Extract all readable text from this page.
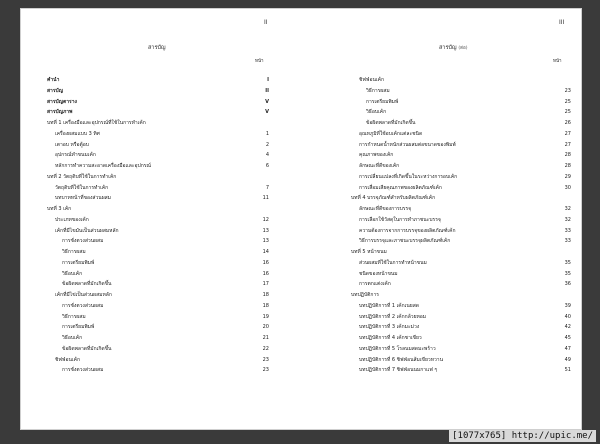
II	III
สารบัญ	สารบัญ (ต่อ)
หน้า	หน้า
คำนำ	I
สารบัญ	II
สารบัญตาราง	V
สารบัญภาพ	V
บทที่ 1 เครื่องมือและอุปกรณ์ที่ใช้ในการทำเค้ก
เครื่องผสมแบบ 3 ทิศ	1
เตาอบ หรือตู้อบ	2
อุปกรณ์ทำขนมเค้ก	4
หลักการทำความสะอาดเครื่องมือและอุปกรณ์	6
บทที่ 2 วัตถุดิบที่ใช้ในการทำเค้ก
วัตถุดิบที่ใช้ในการทำเค้ก	7
บทบาทหน้าที่ของส่วนผสม	11
บทที่ 3 เค้ก
ประเภทของเค้ก	12
เค้กที่มีไขมันเป็นส่วนผสมหลัก	13
การชั่งตวงส่วนผสม	13
วิธีการผสม	14
การเตรียมพิมพ์	16
วิธีอบเค้ก	16
ข้อผิดพลาดที่มักเกิดขึ้น	17
เค้กที่มีไข่เป็นส่วนผสมหลัก	18
การชั่งตวงส่วนผสม	18
วิธีการผสม	19
การเตรียมพิมพ์	20
วิธีอบเค้ก	21
ข้อผิดพลาดที่มักเกิดขึ้น	22
ชิฟฟ่อนเค้ก	23
การชั่งตวงส่วนผสม	23
ชิฟฟ่อนเค้ก
วิธีการผสม	23
การเตรียมพิมพ์	25
วิธีอบเค้ก	25
ข้อผิดพลาดที่มักเกิดขึ้น	26
อุณหภูมิที่ใช้อบเค้กแต่ละชนิด	27
การกำหนดน้ำหนักส่วนผสมต่อขนาดของพิมพ์	27
คุณภาพของเค้ก	28
ลักษณะที่ดีของเค้ก	28
การเปลี่ยนแปลงที่เกิดขึ้นในระหว่างการอบเค้ก	29
การเสื่อมเสียคุณภาพของผลิตภัณฑ์เค้ก	30
บทที่ 4 บรรจุภัณฑ์สำหรับผลิตภัณฑ์เค้ก
ลักษณะที่ดีของการบรรจุ	32
การเลือกใช้วัสดุในการทำภาชนะบรรจุ	32
ความต้องการจากการบรรจุของผลิตภัณฑ์เค้ก	33
วิธีการบรรจุและภาชนะบรรจุผลิตภัณฑ์เค้ก	33
บทที่ 5 หน้าขนม
ส่วนผสมที่ใช้ในการทำหน้าขนม	35
ชนิดของหน้าขนม	35
การตกแต่งเค้ก	36
บทปฏิบัติการ
บทปฏิบัติการที่ 1 เค้กเนยสด	39
บทปฏิบัติการที่ 2 เค้กกล้วยหอม	40
บทปฏิบัติการที่ 3 เค้กมะม่วง	42
บทปฏิบัติการที่ 4 เค้กชาเขียว	45
บทปฏิบัติการที่ 5 โรลนมสดมะพร้าว	47
บทปฏิบัติการที่ 6 ชิฟฟ่อนส้มเขียวหวาน	49
บทปฏิบัติการที่ 7 ชิฟฟ่อนนมกาแฟ ๆ	51
[1077x765] http://upic.me/
